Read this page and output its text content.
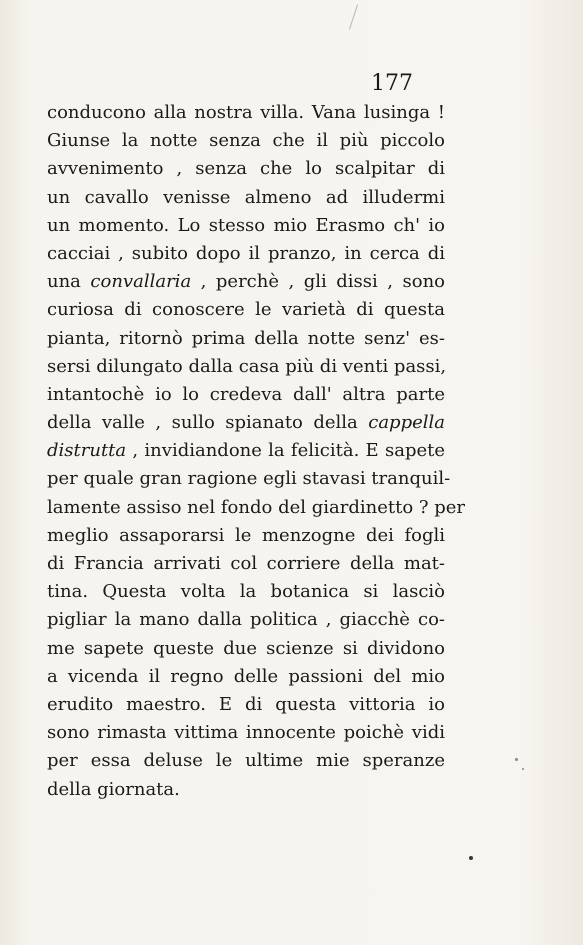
177
conducono alla nostra villa. Vana lusinga !
Giunse la notte senza che il più piccolo
avvenimento , senza che lo scalpitar di
un cavallo venisse almeno ad illudermi
un momento. Lo stesso mio Erasmo ch' io
cacciai , subito dopo il pranzo, in cerca di
una convallaria , perchè , gli dissi , sono
curiosa di conoscere le varietà di questa
pianta, ritornò prima della notte senz' es-
sersi dilungato dalla casa più di venti passi,
intantochè io lo credeva dall' altra parte
della valle , sullo spianato della cappella
distrutta , invidiandone la felicità. E sapete
per quale gran ragione egli stavasi tranquil-
lamente assiso nel fondo del giardinetto ? per
meglio assaporarsi le menzogne dei fogli
di Francia arrivati col corriere della mat-
tina. Questa volta la botanica si lasciò
pigliar la mano dalla politica , giacchè co-
me sapete queste due scienze si dividono
a vicenda il regno delle passioni del mio
erudito maestro. E di questa vittoria io
sono rimasta vittima innocente poichè vidi
per essa deluse le ultime mie speranze
della giornata.
